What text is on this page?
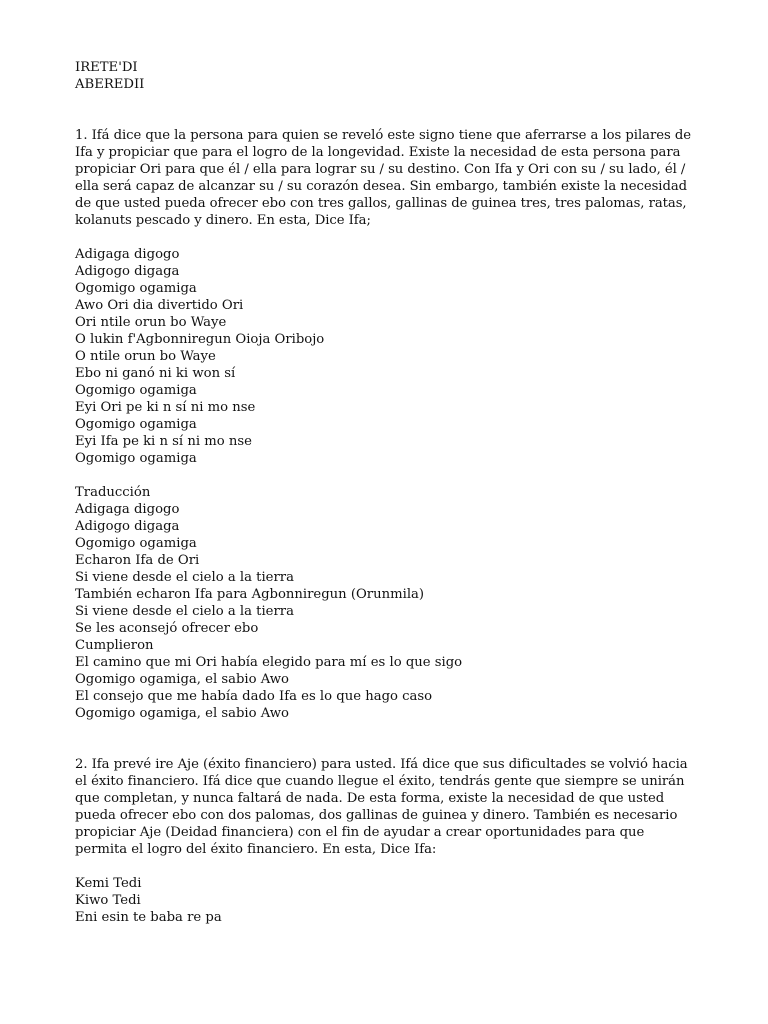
IRETE'DI
ABEREDII
1. Ifá dice que la persona para quien se reveló este signo tiene que aferrarse a los pilares de Ifa y propiciar que para el logro de la longevidad. Existe la necesidad de esta persona para propiciar Ori para que él / ella para lograr su / su destino. Con Ifa y Ori con su / su lado, él / ella será capaz de alcanzar su / su corazón desea. Sin embargo, también existe la necesidad de que usted pueda ofrecer ebo con tres gallos, gallinas de guinea tres, tres palomas, ratas, kolanuts pescado y dinero. En esta, Dice Ifa;
Adigaga digogo
Adigogo digaga
Ogomigo ogamiga
Awo Ori dia divertido Ori
Ori ntile orun bo Waye
O lukin f'Agbonniregun Oioja Oribojo
O ntile orun bo Waye
Ebo ni ganó ni ki won sí
Ogomigo ogamiga
Eyi Ori pe ki n sí ni mo nse
Ogomigo ogamiga
Eyi Ifa pe ki n sí ni mo nse
Ogomigo ogamiga
Traducción
Adigaga digogo
Adigogo digaga
Ogomigo ogamiga
Echaron Ifa de Ori
Si viene desde el cielo a la tierra
También echaron Ifa para Agbonniregun (Orunmila)
Si viene desde el cielo a la tierra
Se les aconsejó ofrecer ebo
Cumplieron
El camino que mi Ori había elegido para mí es lo que sigo
Ogomigo ogamiga, el sabio Awo
El consejo que me había dado Ifa es lo que hago caso
Ogomigo ogamiga, el sabio Awo
2. Ifa prevé ire Aje (éxito financiero) para usted. Ifá dice que sus dificultades se volvió hacia el éxito financiero. Ifá dice que cuando llegue el éxito, tendrás gente que siempre se unirán que completan, y nunca faltará de nada. De esta forma, existe la necesidad de que usted pueda ofrecer ebo con dos palomas, dos gallinas de guinea y dinero. También es necesario propiciar Aje (Deidad financiera) con el fin de ayudar a crear oportunidades para que permita el logro del éxito financiero. En esta, Dice Ifa:
Kemi Tedi
Kiwo Tedi
Eni esin te baba re pa
